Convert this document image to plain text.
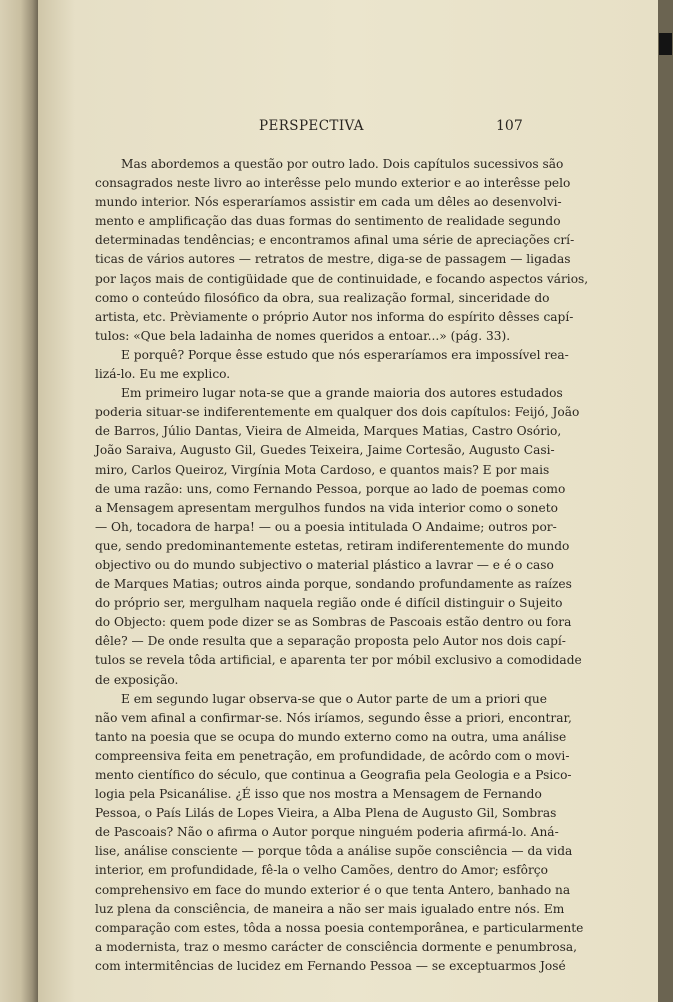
PERSPECTIVA	107
Mas abordemos a questão por outro lado. Dois capítulos sucessivos são
consagrados neste livro ao interêsse pelo mundo exterior e ao interêsse pelo
mundo interior. Nós esperaríamos assistir em cada um dêles ao desenvolvi-
mento e amplificação das duas formas do sentimento de realidade segundo
determinadas tendências; e encontramos afinal uma série de apreciações crí-
ticas de vários autores — retratos de mestre, diga-se de passagem — ligadas
por laços mais de contigüidade que de continuidade, e focando aspectos vários,
como o conteúdo filosófico da obra, sua realização formal, sinceridade do
artista, etc. Prèviamente o próprio Autor nos informa do espírito dêsses capí-
tulos: «Que bela ladainha de nomes queridos a entoar...» (pág. 33).
E porquê? Porque êsse estudo que nós esperaríamos era impossível rea-
lizá-lo. Eu me explico.
Em primeiro lugar nota-se que a grande maioria dos autores estudados
poderia situar-se indiferentemente em qualquer dos dois capítulos: Feijó, João
de Barros, Júlio Dantas, Vieira de Almeida, Marques Matias, Castro Osório,
João Saraiva, Augusto Gil, Guedes Teixeira, Jaime Cortesão, Augusto Casi-
miro, Carlos Queiroz, Virgínia Mota Cardoso, e quantos mais? E por mais
de uma razão: uns, como Fernando Pessoa, porque ao lado de poemas como
a Mensagem apresentam mergulhos fundos na vida interior como o soneto
— Oh, tocadora de harpa! — ou a poesia intitulada O Andaime; outros por-
que, sendo predominantemente estetas, retiram indiferentemente do mundo
objectivo ou do mundo subjectivo o material plástico a lavrar — e é o caso
de Marques Matias; outros ainda porque, sondando profundamente as raízes
do próprio ser, mergulham naquela região onde é difícil distinguir o Sujeito
do Objecto: quem pode dizer se as Sombras de Pascoais estão dentro ou fora
dêle? — De onde resulta que a separação proposta pelo Autor nos dois capí-
tulos se revela tôda artificial, e aparenta ter por móbil exclusivo a comodidade
de exposição.
E em segundo lugar observa-se que o Autor parte de um a priori que
não vem afinal a confirmar-se. Nós iríamos, segundo êsse a priori, encontrar,
tanto na poesia que se ocupa do mundo externo como na outra, uma análise
compreensiva feita em penetração, em profundidade, de acôrdo com o movi-
mento científico do século, que continua a Geografia pela Geologia e a Psico-
logia pela Psicanálise. ¿É isso que nos mostra a Mensagem de Fernando
Pessoa, o País Lilás de Lopes Vieira, a Alba Plena de Augusto Gil, Sombras
de Pascoais? Não o afirma o Autor porque ninguém poderia afirmá-lo. Aná-
lise, análise consciente — porque tôda a análise supõe consciência — da vida
interior, em profundidade, fê-la o velho Camões, dentro do Amor; esfôrço
comprehensivo em face do mundo exterior é o que tenta Antero, banhado na
luz plena da consciência, de maneira a não ser mais igualado entre nós. Em
comparação com estes, tôda a nossa poesia contemporânea, e particularmente
a modernista, traz o mesmo carácter de consciência dormente e penumbrosa,
com intermitências de lucidez em Fernando Pessoa — se exceptuarmos José
